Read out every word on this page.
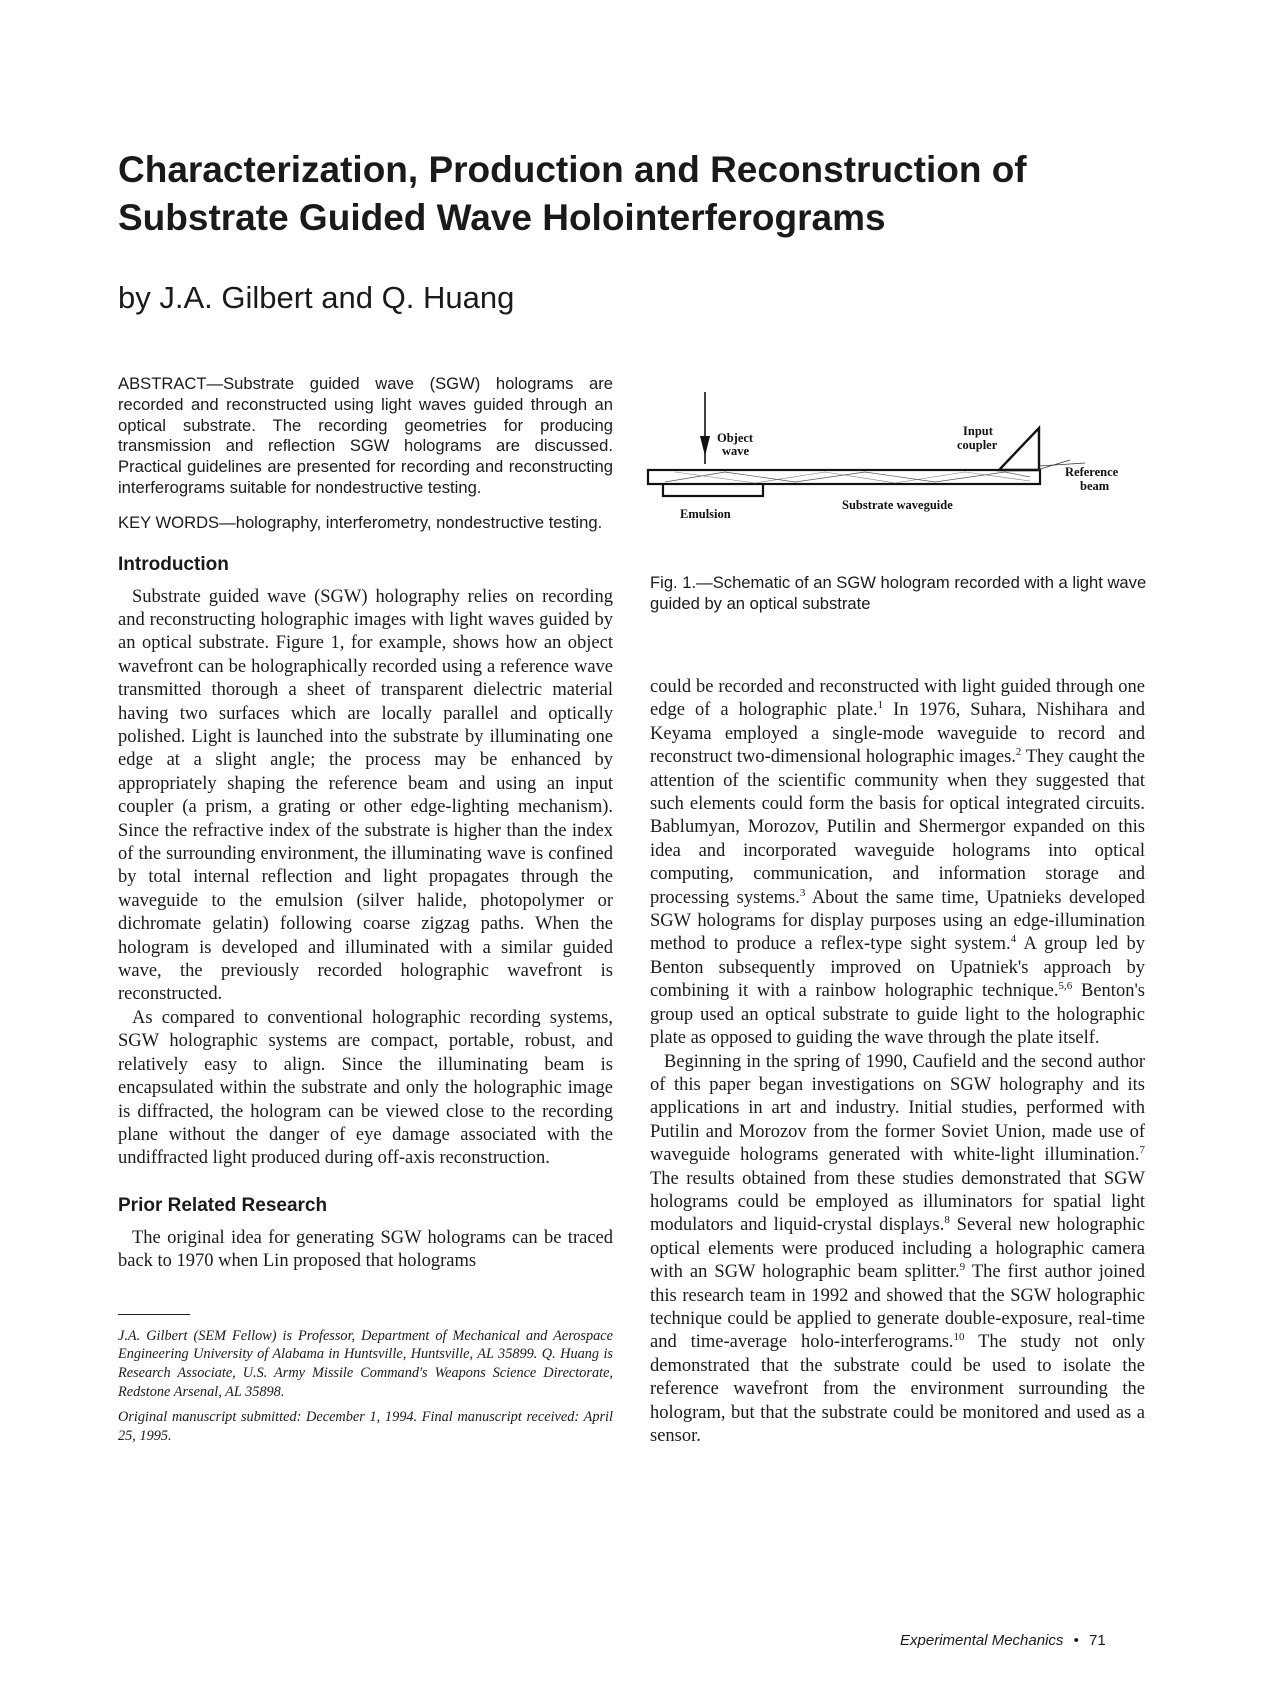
Characterization, Production and Reconstruction of
Substrate Guided Wave Holointerferograms
by J.A. Gilbert and Q. Huang

ABSTRACT—Substrate guided wave (SGW) holograms are recorded and reconstructed using light waves guided through an optical substrate. The recording geometries for producing transmission and reflection SGW holograms are discussed. Practical guidelines are presented for recording and reconstructing interferograms suitable for nondestructive testing.

KEY WORDS—holography, interferometry, nondestructive testing.

Introduction

Substrate guided wave (SGW) holography relies on recording and reconstructing holographic images with light waves guided by an optical substrate. Figure 1, for example, shows how an object wavefront can be holographically recorded using a reference wave transmitted thorough a sheet of transparent dielectric material having two surfaces which are locally parallel and optically polished. Light is launched into the substrate by illuminating one edge at a slight angle; the process may be enhanced by appropriately shaping the reference beam and using an input coupler (a prism, a grating or other edge-lighting mechanism). Since the refractive index of the substrate is higher than the index of the surrounding environment, the illuminating wave is confined by total internal reflection and light propagates through the waveguide to the emulsion (silver halide, photopolymer or dichromate gelatin) following coarse zigzag paths. When the hologram is developed and illuminated with a similar guided wave, the previously recorded holographic wavefront is reconstructed.

As compared to conventional holographic recording systems, SGW holographic systems are compact, portable, robust, and relatively easy to align. Since the illuminating beam is encapsulated within the substrate and only the holographic image is diffracted, the hologram can be viewed close to the recording plane without the danger of eye damage associated with the undiffracted light produced during off-axis reconstruction.

Prior Related Research

The original idea for generating SGW holograms can be traced back to 1970 when Lin proposed that holograms

J.A. Gilbert (SEM Fellow) is Professor, Department of Mechanical and Aerospace Engineering University of Alabama in Huntsville, Huntsville, AL 35899. Q. Huang is Research Associate, U.S. Army Missile Command's Weapons Science Directorate, Redstone Arsenal, AL 35898.

Original manuscript submitted: December 1, 1994. Final manuscript received: April 25, 1995.

Object
wave
Emulsion
Substrate waveguide
Input
coupler
Reference
beam

Fig. 1.—Schematic of an SGW hologram recorded with a light wave guided by an optical substrate

could be recorded and reconstructed with light guided through one edge of a holographic plate.$^1$ In 1976, Suhara, Nishihara and Keyama employed a single-mode waveguide to record and reconstruct two-dimensional holographic images.$^2$ They caught the attention of the scientific community when they suggested that such elements could form the basis for optical integrated circuits. Bablumyan, Morozov, Putilin and Shermergor expanded on this idea and incorporated waveguide holograms into optical computing, communication, and information storage and processing systems.$^3$ About the same time, Upatnieks developed SGW holograms for display purposes using an edge-illumination method to produce a reflex-type sight system.$^4$ A group led by Benton subsequently improved on Upatniek's approach by combining it with a rainbow holographic technique.$^{5,6}$ Benton's group used an optical substrate to guide light to the holographic plate as opposed to guiding the wave through the plate itself.

Beginning in the spring of 1990, Caufield and the second author of this paper began investigations on SGW holography and its applications in art and industry. Initial studies, performed with Putilin and Morozov from the former Soviet Union, made use of waveguide holograms generated with white-light illumination.$^7$ The results obtained from these studies demonstrated that SGW holograms could be employed as illuminators for spatial light modulators and liquid-crystal displays.$^8$ Several new holographic optical elements were produced including a holographic camera with an SGW holographic beam splitter.$^9$ The first author joined this research team in 1992 and showed that the SGW holographic technique could be applied to generate double-exposure, real-time and time-average holo-interferograms.$^{10}$ The study not only demonstrated that the substrate could be used to isolate the reference wavefront from the environment surrounding the hologram, but that the substrate could be monitored and used as a sensor.

Experimental Mechanics • 71
